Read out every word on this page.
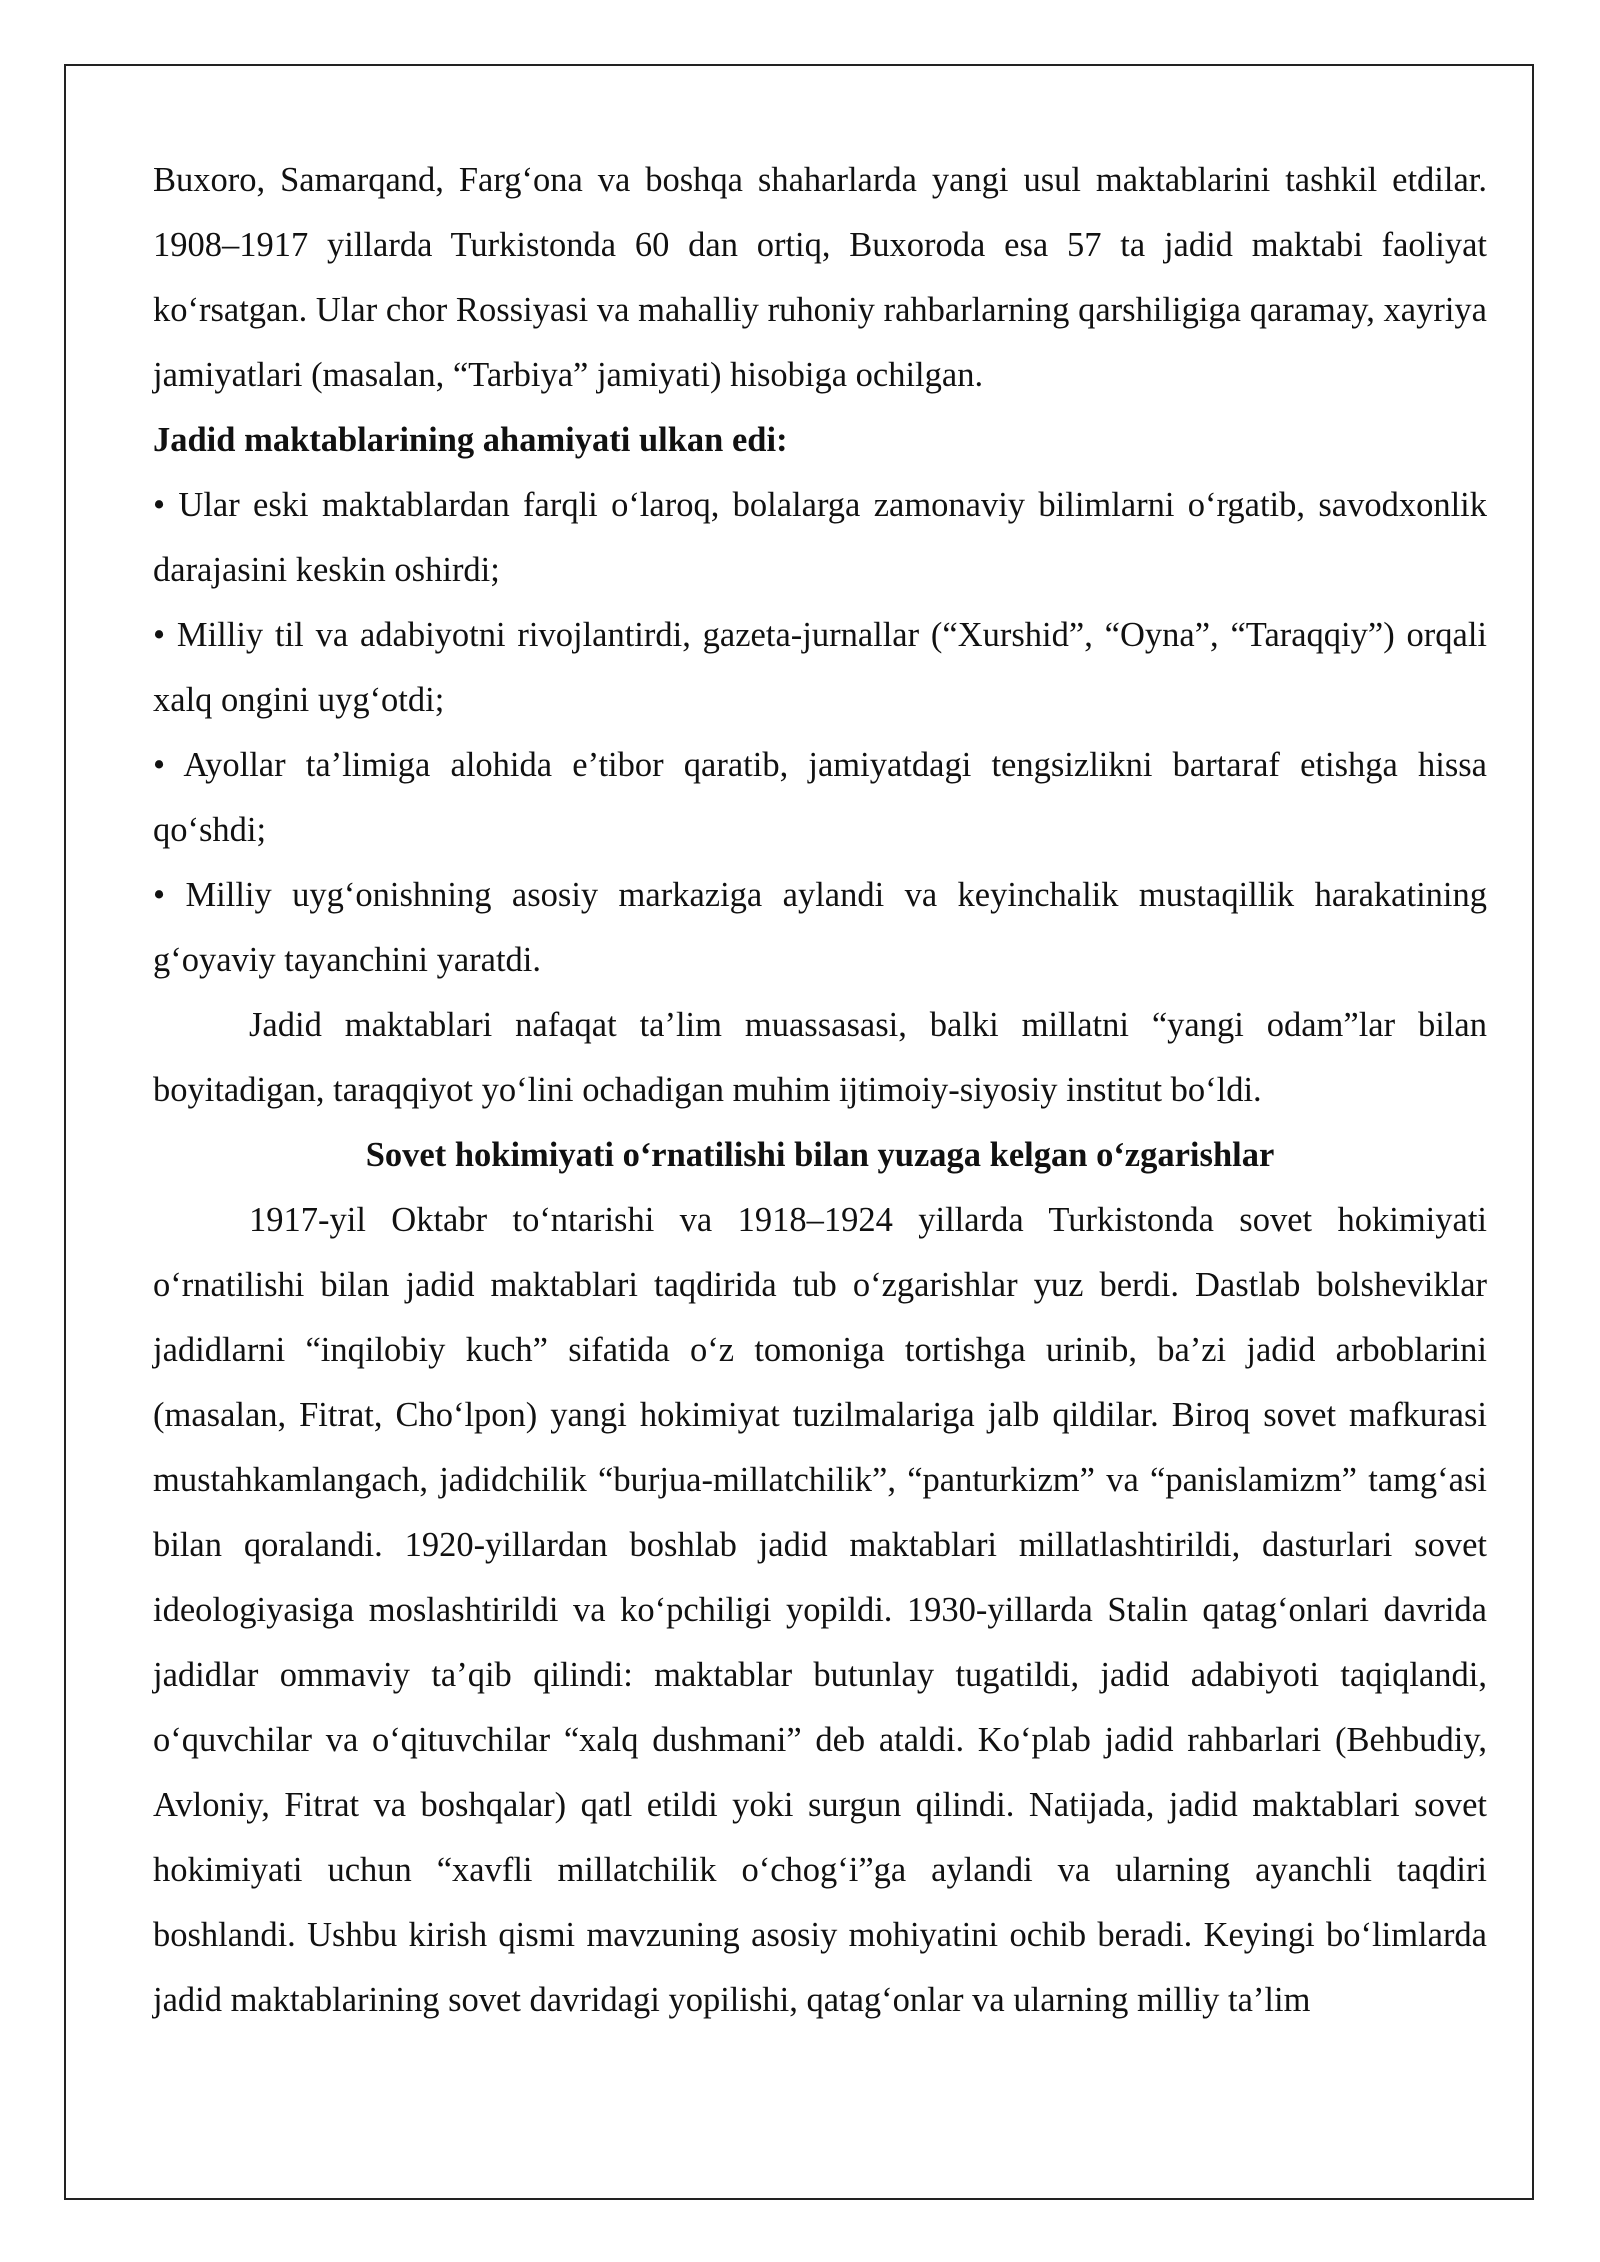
Buxoro, Samarqand, Farg‘ona va boshqa shaharlarda yangi usul maktablarini tashkil etdilar. 1908–1917 yillarda Turkistonda 60 dan ortiq, Buxoroda esa 57 ta jadid maktabi faoliyat ko‘rsatgan. Ular chor Rossiyasi va mahalliy ruhoniy rahbarlarning qarshiligiga qaramay, xayriya jamiyatlari (masalan, “Tarbiya” jamiyati) hisobiga ochilgan.

Jadid maktablarining ahamiyati ulkan edi:

• Ular eski maktablardan farqli o‘laroq, bolalarga zamonaviy bilimlarni o‘rgatib, savodxonlik darajasini keskin oshirdi;

• Milliy til va adabiyotni rivojlantirdi, gazeta-jurnallar (“Xurshid”, “Oyna”, “Taraqqiy”) orqali xalq ongini uyg‘otdi;

• Ayollar ta’limiga alohida e’tibor qaratib, jamiyatdagi tengsizlikni bartaraf etishga hissa qo‘shdi;

• Milliy uyg‘onishning asosiy markaziga aylandi va keyinchalik mustaqillik harakatining g‘oyaviy tayanchini yaratdi.

Jadid maktablari nafaqat ta’lim muassasasi, balki millatni “yangi odam”lar bilan boyitadigan, taraqqiyot yo‘lini ochadigan muhim ijtimoiy-siyosiy institut bo‘ldi.

Sovet hokimiyati o‘rnatilishi bilan yuzaga kelgan o‘zgarishlar

1917-yil Oktabr to‘ntarishi va 1918–1924 yillarda Turkistonda sovet hokimiyati o‘rnatilishi bilan jadid maktablari taqdirida tub o‘zgarishlar yuz berdi. Dastlab bolsheviklar jadidlarni “inqilobiy kuch” sifatida o‘z tomoniga tortishga urinib, ba’zi jadid arboblarini (masalan, Fitrat, Cho‘lpon) yangi hokimiyat tuzilmalariga jalb qildilar. Biroq sovet mafkurasi mustahkamlangach, jadidchilik “burjua-millatchilik”, “panturkizm” va “panislamizm” tamg‘asi bilan qoralandi. 1920-yillardan boshlab jadid maktablari millatlashtirildi, dasturlari sovet ideologiyasiga moslashtirildi va ko‘pchiligi yopildi. 1930-yillarda Stalin qatag‘onlari davrida jadidlar ommaviy ta’qib qilindi: maktablar butunlay tugatildi, jadid adabiyoti taqiqlandi, o‘quvchilar va o‘qituvchilar “xalq dushmani” deb ataldi. Ko‘plab jadid rahbarlari (Behbudiy, Avloniy, Fitrat va boshqalar) qatl etildi yoki surgun qilindi. Natijada, jadid maktablari sovet hokimiyati uchun “xavfli millatchilik o‘chog‘i”ga aylandi va ularning ayanchli taqdiri boshlandi. Ushbu kirish qismi mavzuning asosiy mohiyatini ochib beradi. Keyingi bo‘limlarda jadid maktablarining sovet davridagi yopilishi, qatag‘onlar va ularning milliy ta’lim
